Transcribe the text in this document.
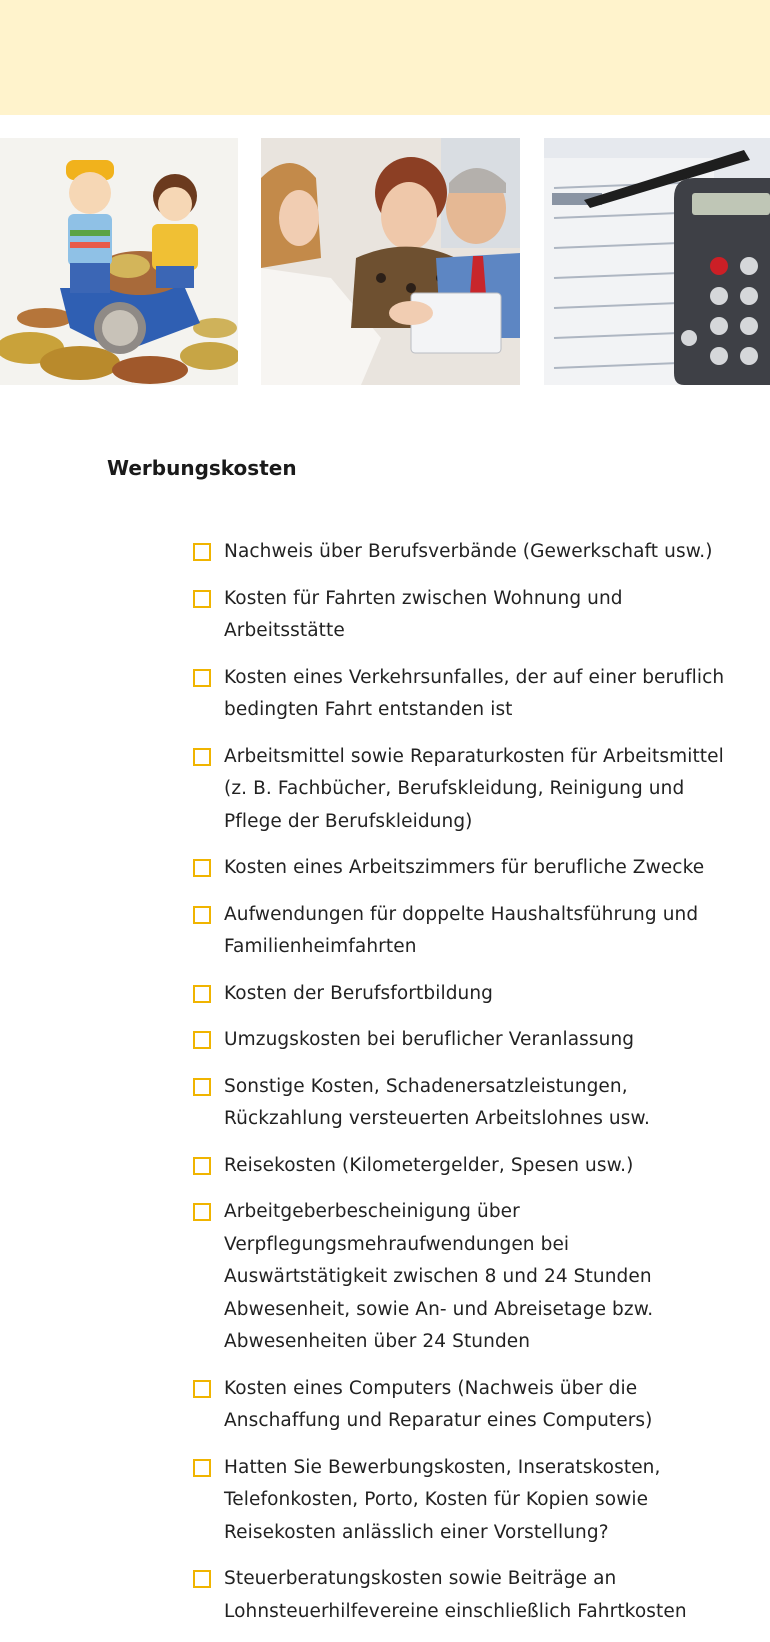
Werbungskosten
Nachweis über Berufsverbände (Gewerkschaft usw.)
Kosten für Fahrten zwischen Wohnung und Arbeitsstätte
Kosten eines Verkehrsunfalles, der auf einer beruflich bedingten Fahrt entstanden ist
Arbeitsmittel sowie Reparaturkosten für Arbeitsmittel (z. B. Fachbücher, Berufskleidung, Reinigung und Pflege der Berufskleidung)
Kosten eines Arbeitszimmers für berufliche Zwecke
Aufwendungen für doppelte Haushaltsführung und Familienheimfahrten
Kosten der Berufsfortbildung
Umzugskosten bei beruflicher Veranlassung
Sonstige Kosten, Schadenersatzleistungen, Rückzahlung versteuerten Arbeitslohnes usw.
Reisekosten (Kilometergelder, Spesen usw.)
Arbeitgeberbescheinigung über Verpflegungsmehraufwendungen bei Auswärtstätigkeit zwischen 8 und 24 Stunden Abwesenheit, sowie An- und Abreisetage bzw. Abwesenheiten über 24 Stunden
Kosten eines Computers (Nachweis über die Anschaffung und Reparatur eines Computers)
Hatten Sie Bewerbungskosten, Inseratskosten, Telefonkosten, Porto, Kosten für Kopien sowie Reisekosten anlässlich einer Vorstellung?
Steuerberatungskosten sowie Beiträge an Lohnsteuerhilfevereine einschließlich Fahrtkosten
